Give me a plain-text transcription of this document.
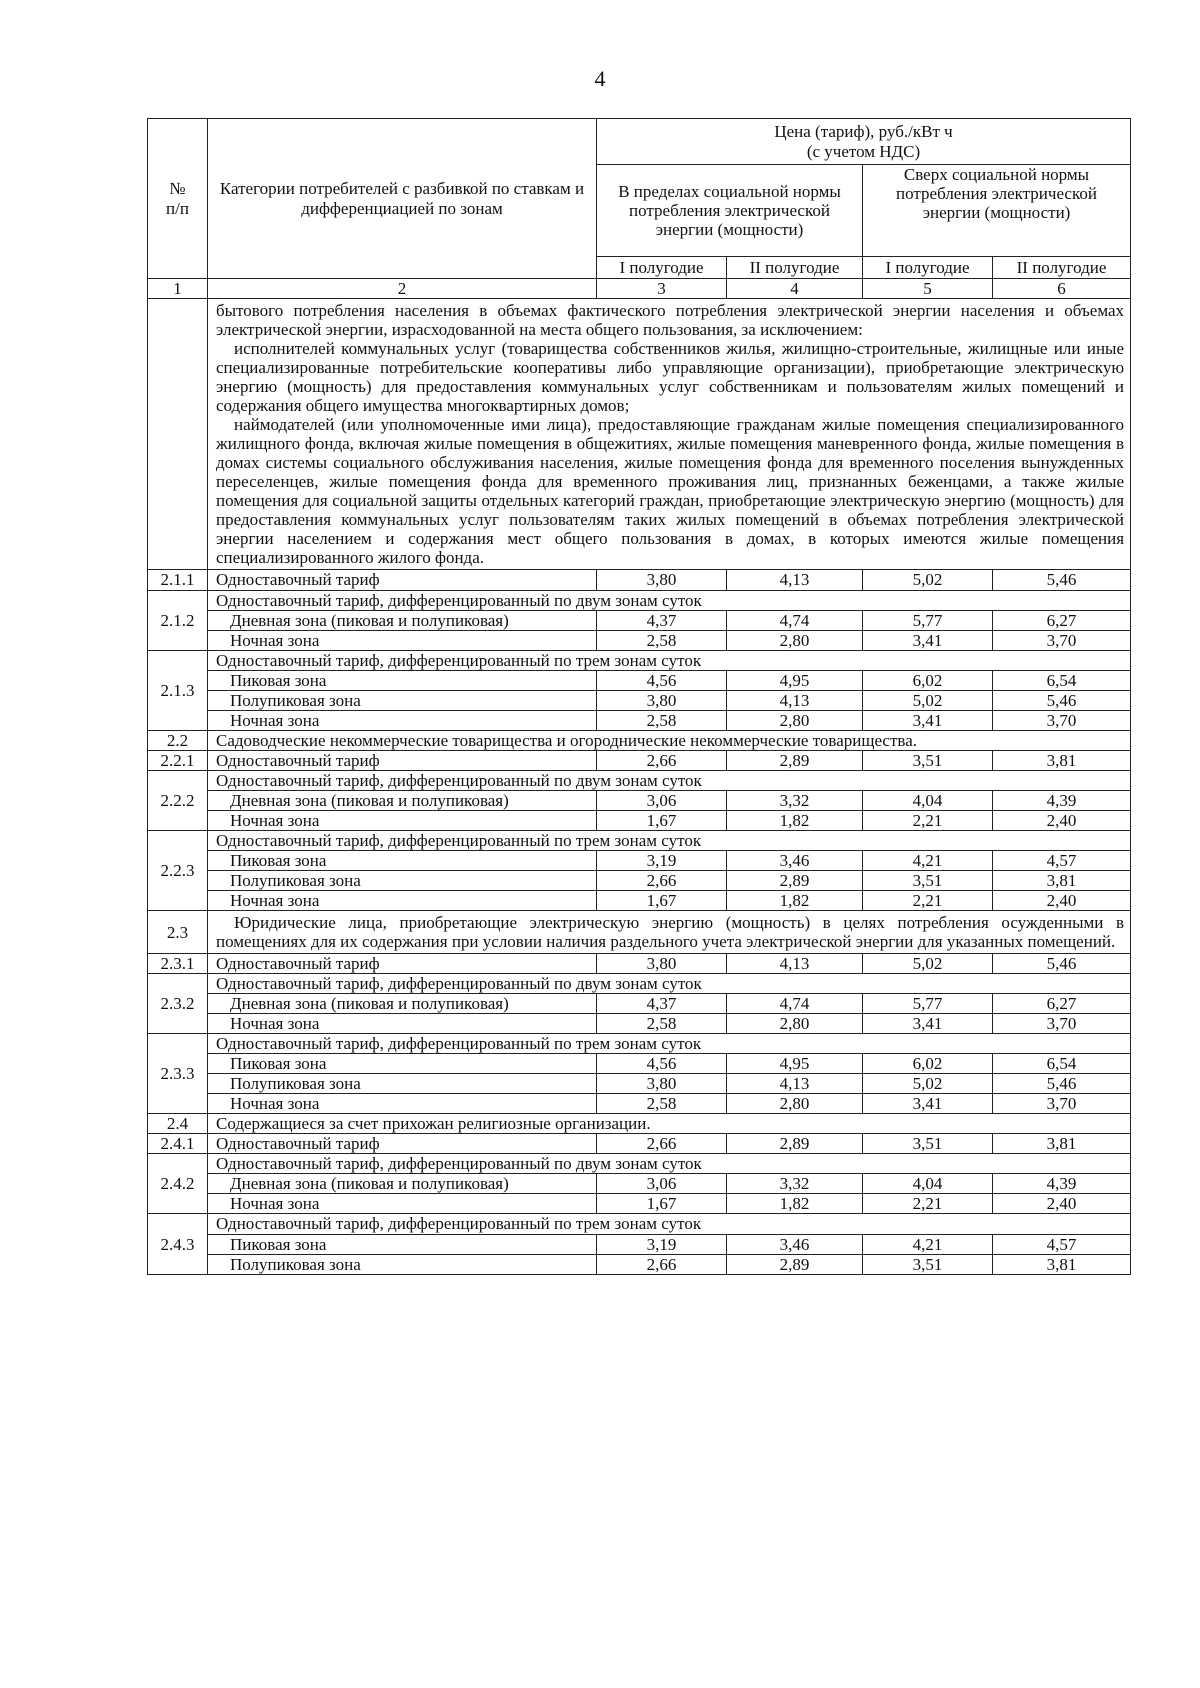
4
№
п/п	Категории потребителей с разбивкой по ставкам и дифференциацией по зонам	Цена (тариф), руб./кВт ч
(с учетом НДС)			
		В пределах социальной нормы потребления электрической энергии (мощности)		Сверх социальной нормы потребления электрической энергии (мощности)	
		I полугодие	II полугодие	I полугодие	II полугодие

1	2	3	4	5	6

	бытового потребления населения в объемах фактического потребления электрической энергии населения и объемах электрической энергии, израсходованной на места общего пользования, за исключением:

исполнителей коммунальных услуг (товарищества собственников жилья, жилищно-строительные, жилищные или иные специализированные потребительские кооперативы либо управляющие организации), приобретающие электрическую энергию (мощность) для предоставления коммунальных услуг собственникам и пользователям жилых помещений и содержания общего имущества многоквартирных домов;

наймодателей (или уполномоченные ими лица), предоставляющие гражданам жилые помещения специализированного жилищного фонда, включая жилые помещения в общежитиях, жилые помещения маневренного фонда, жилые помещения в домах системы социального обслуживания населения, жилые помещения фонда для временного поселения вынужденных переселенцев, жилые помещения фонда для временного проживания лиц, признанных беженцами, а также жилые помещения для социальной защиты отдельных категорий граждан, приобретающие электрическую энергию (мощность) для предоставления коммунальных услуг пользователям таких жилых помещений в объемах потребления электрической энергии населением и содержания мест общего пользования в домах, в которых имеются жилые помещения специализированного жилого фонда.				

2.1.1	Одноставочный тариф	3,80	4,13	5,02	5,46
2.1.2	Одноставочный тариф, дифференцированный по двум зонам суток				
	Дневная зона (пиковая и полупиковая)	4,37	4,74	5,77	6,27
	Ночная зона	2,58	2,80	3,41	3,70
2.1.3	Одноставочный тариф, дифференцированный по трем зонам суток				
	Пиковая зона	4,56	4,95	6,02	6,54
	Полупиковая зона	3,80	4,13	5,02	5,46
	Ночная зона	2,58	2,80	3,41	3,70
2.2	Садоводческие некоммерческие товарищества и огороднические некоммерческие товарищества.				
2.2.1	Одноставочный тариф	2,66	2,89	3,51	3,81
2.2.2	Одноставочный тариф, дифференцированный по двум зонам суток				
	Дневная зона (пиковая и полупиковая)	3,06	3,32	4,04	4,39
	Ночная зона	1,67	1,82	2,21	2,40
2.2.3	Одноставочный тариф, дифференцированный по трем зонам суток				
	Пиковая зона	3,19	3,46	4,21	4,57
	Полупиковая зона	2,66	2,89	3,51	3,81
	Ночная зона	1,67	1,82	2,21	2,40
2.3	Юридические лица, приобретающие электрическую энергию (мощность) в целях потребления осужденными в помещениях для их содержания при условии наличия раздельного учета электрической энергии для указанных помещений.				

2.3.1	Одноставочный тариф	3,80	4,13	5,02	5,46
2.3.2	Одноставочный тариф, дифференцированный по двум зонам суток				
	Дневная зона (пиковая и полупиковая)	4,37	4,74	5,77	6,27
	Ночная зона	2,58	2,80	3,41	3,70
2.3.3	Одноставочный тариф, дифференцированный по трем зонам суток				
	Пиковая зона	4,56	4,95	6,02	6,54
	Полупиковая зона	3,80	4,13	5,02	5,46
	Ночная зона	2,58	2,80	3,41	3,70
2.4	Содержащиеся за счет прихожан религиозные организации.				
2.4.1	Одноставочный тариф	2,66	2,89	3,51	3,81
2.4.2	Одноставочный тариф, дифференцированный по двум зонам суток				
	Дневная зона (пиковая и полупиковая)	3,06	3,32	4,04	4,39
	Ночная зона	1,67	1,82	2,21	2,40
2.4.3	Одноставочный тариф, дифференцированный по трем зонам суток				
	Пиковая зона	3,19	3,46	4,21	4,57
	Полупиковая зона	2,66	2,89	3,51	3,81
